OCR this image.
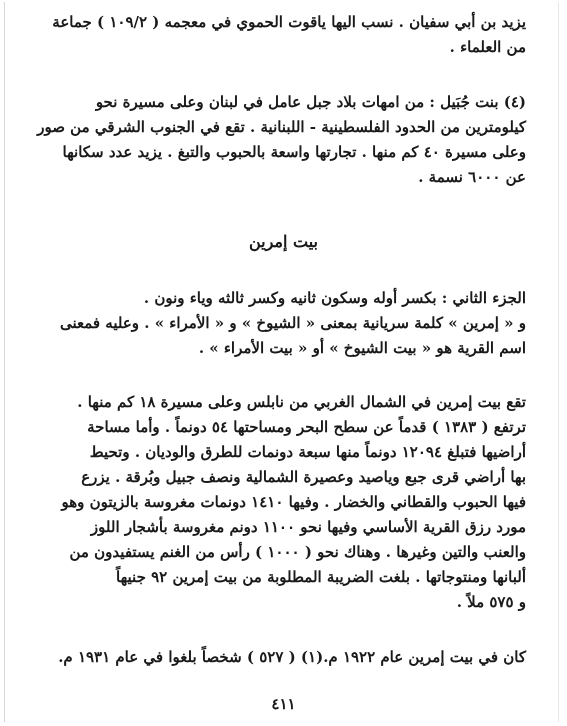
يزيد بن أبي سفيان . نسب اليها ياقوت الحموي في معجمه ( ١٠٩/٢ ) جماعة
من العلماء .
(٤) بنت جُبَيل : من امهات بلاد جبل عامل في لبنان وعلى مسيرة نحو
كيلومترين من الحدود الفلسطينية - اللبنانية . تقع في الجنوب الشرقي من صور
وعلى مسيرة ٤٠ كم منها . تجارتها واسعة بالحبوب والتبغ . يزيد عدد سكانها
عن ٦٠٠٠ نسمة .
بيت إمرين
الجزء الثاني : بكسر أوله وسكون ثانيه وكسر ثالثه وياء ونون .
و « إمرين » كلمة سريانية بمعنى « الشيوخ » و « الأمراء » . وعليه فمعنى
اسم القرية هو « بيت الشيوخ » أو « بيت الأمراء » .
تقع بيت إمرين في الشمال الغربي من نابلس وعلى مسيرة ١٨ كم منها .
ترتفع ( ١٣٨٣ ) قدماً عن سطح البحر ومساحتها ٥٤ دونماً . وأما مساحة
أراضيها فتبلغ ١٢٠٩٤ دونماً منها سبعة دونمات للطرق والوديان . وتحيط
بها أراضي قرى جبع وياصيد وعصيرة الشمالية ونصف جبيل وبُرقة . يزرع
فيها الحبوب والقطاني والخضار . وفيها ١٤١٠ دونمات مغروسة بالزيتون وهو
مورد رزق القرية الأساسي وفيها نحو ١١٠٠ دونم مغروسة بأشجار اللوز
والعنب والتين وغيرها . وهناك نحو ( ١٠٠٠ ) رأس من الغنم يستفيدون من
ألبانها ومنتوجاتها . بلغت الضريبة المطلوبة من بيت إمرين ٩٢ جنيهاً
و ٥٧٥ ملاً .
كان في بيت إمرين عام ١٩٢٢ م.(١) ( ٥٢٧ ) شخصاً بلغوا في عام ١٩٣١ م.
٤١١
